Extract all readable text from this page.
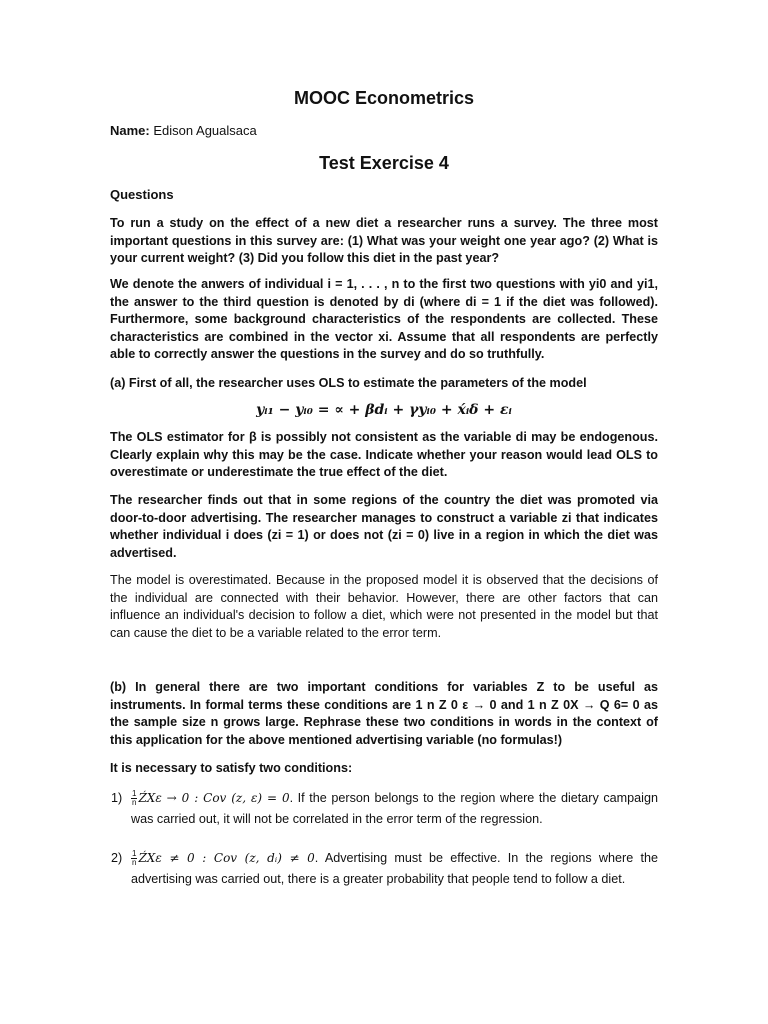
MOOC Econometrics
Name: Edison Agualsaca
Test Exercise 4
Questions
To run a study on the effect of a new diet a researcher runs a survey. The three most important questions in this survey are: (1) What was your weight one year ago? (2) What is your current weight? (3) Did you follow this diet in the past year?
We denote the anwers of individual i = 1, . . . , n to the first two questions with yi0 and yi1, the answer to the third question is denoted by di (where di = 1 if the diet was followed). Furthermore, some background characteristics of the respondents are collected. These characteristics are combined in the vector xi. Assume that all respondents are perfectly able to correctly answer the questions in the survey and do so truthfully.
(a) First of all, the researcher uses OLS to estimate the parameters of the model
yᵢ₁ − yᵢ₀ = ∝ + βdᵢ + γyᵢ₀ + x́ᵢδ + εᵢ
The OLS estimator for β is possibly not consistent as the variable di may be endogenous. Clearly explain why this may be the case. Indicate whether your reason would lead OLS to overestimate or underestimate the true effect of the diet.
The researcher finds out that in some regions of the country the diet was promoted via door-to-door advertising. The researcher manages to construct a variable zi that indicates whether individual i does (zi = 1) or does not (zi = 0) live in a region in which the diet was advertised.
The model is overestimated. Because in the proposed model it is observed that the decisions of the individual are connected with their behavior. However, there are other factors that can influence an individual's decision to follow a diet, which were not presented in the model but that can cause the diet to be a variable related to the error term.
(b) In general there are two important conditions for variables Z to be useful as instruments. In formal terms these conditions are 1 n Z 0 ε → 0 and 1 n Z 0X → Q 6= 0 as the sample size n grows large. Rephrase these two conditions in words in the context of this application for the above mentioned advertising variable (no formulas!)
It is necessary to satisfy two conditions:
$1) \frac{1}{n}$ ŹXε → 0 : Cov (z, ε) = 0. If the person belongs to the region where the dietary campaign was carried out, it will not be correlated in the error term of the regression.
$2) \frac{1}{n}$ ŹXε ≠ 0 : Cov (z, dᵢ) ≠ 0. Advertising must be effective. In the regions where the advertising was carried out, there is a greater probability that people tend to follow a diet.
